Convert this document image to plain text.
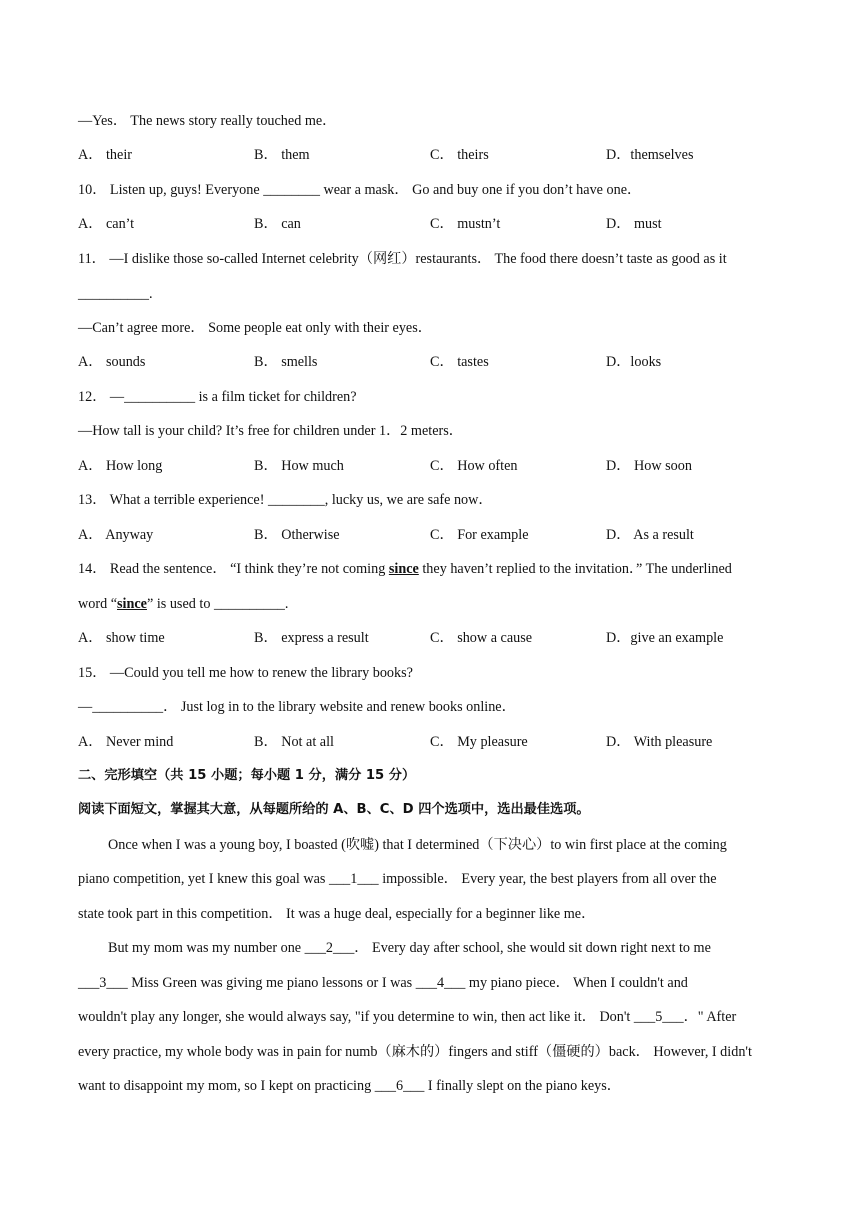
—Yes． The news story really touched me．
A． their	B． them	C． theirs	D．themselves
10． Listen up, guys! Everyone ________ wear a mask． Go and buy one if you don’t have one．
A． can’t	B． can	C． mustn’t	D． must
11． —I dislike those so-called Internet celebrity（网红）restaurants． The food there doesn’t taste as good as it
__________.
—Can’t agree more． Some people eat only with their eyes．
A． sounds	B． smells	C． tastes	D．looks
12． —__________ is a film ticket for children?
—How tall is your child? It’s free for children under 1．2 meters．
A． How long	B． How much	C． How often	D． How soon
13． What a terrible experience! ________, lucky us, we are safe now．
A． Anyway	B． Otherwise	C． For example	D． As a result
14． Read the sentence． “I think they’re not coming since they haven’t replied to the invitation．” The underlined
word “since” is used to __________.
A． show time	B． express a result	C． show a cause	D．give an example
15． —Could you tell me how to renew the library books?
—__________． Just log in to the library website and renew books online．
A． Never mind	B． Not at all	C． My pleasure	D． With pleasure
二、完形填空（共 15 小题；每小题 1 分，满分 15 分）
阅读下面短文，掌握其大意，从每题所给的 A、B、C、D 四个选项中，选出最佳选项。
Once when I was a young boy, I boasted (吹嘘) that I determined（下决心）to win first place at the coming
piano competition, yet I knew this goal was ___1___ impossible． Every year, the best players from all over the
state took part in this competition． It was a huge deal, especially for a beginner like me．
But my mom was my number one ___2___． Every day after school, she would sit down right next to me
___3___ Miss Green was giving me piano lessons or I was ___4___ my piano piece． When I couldn't and
wouldn't play any longer, she would always say, "if you determine to win, then act like it． Don't ___5___．" After
every practice, my whole body was in pain for numb（麻木的）fingers and stiff（僵硬的）back． However, I didn't
want to disappoint my mom, so I kept on practicing ___6___ I finally slept on the piano keys．
